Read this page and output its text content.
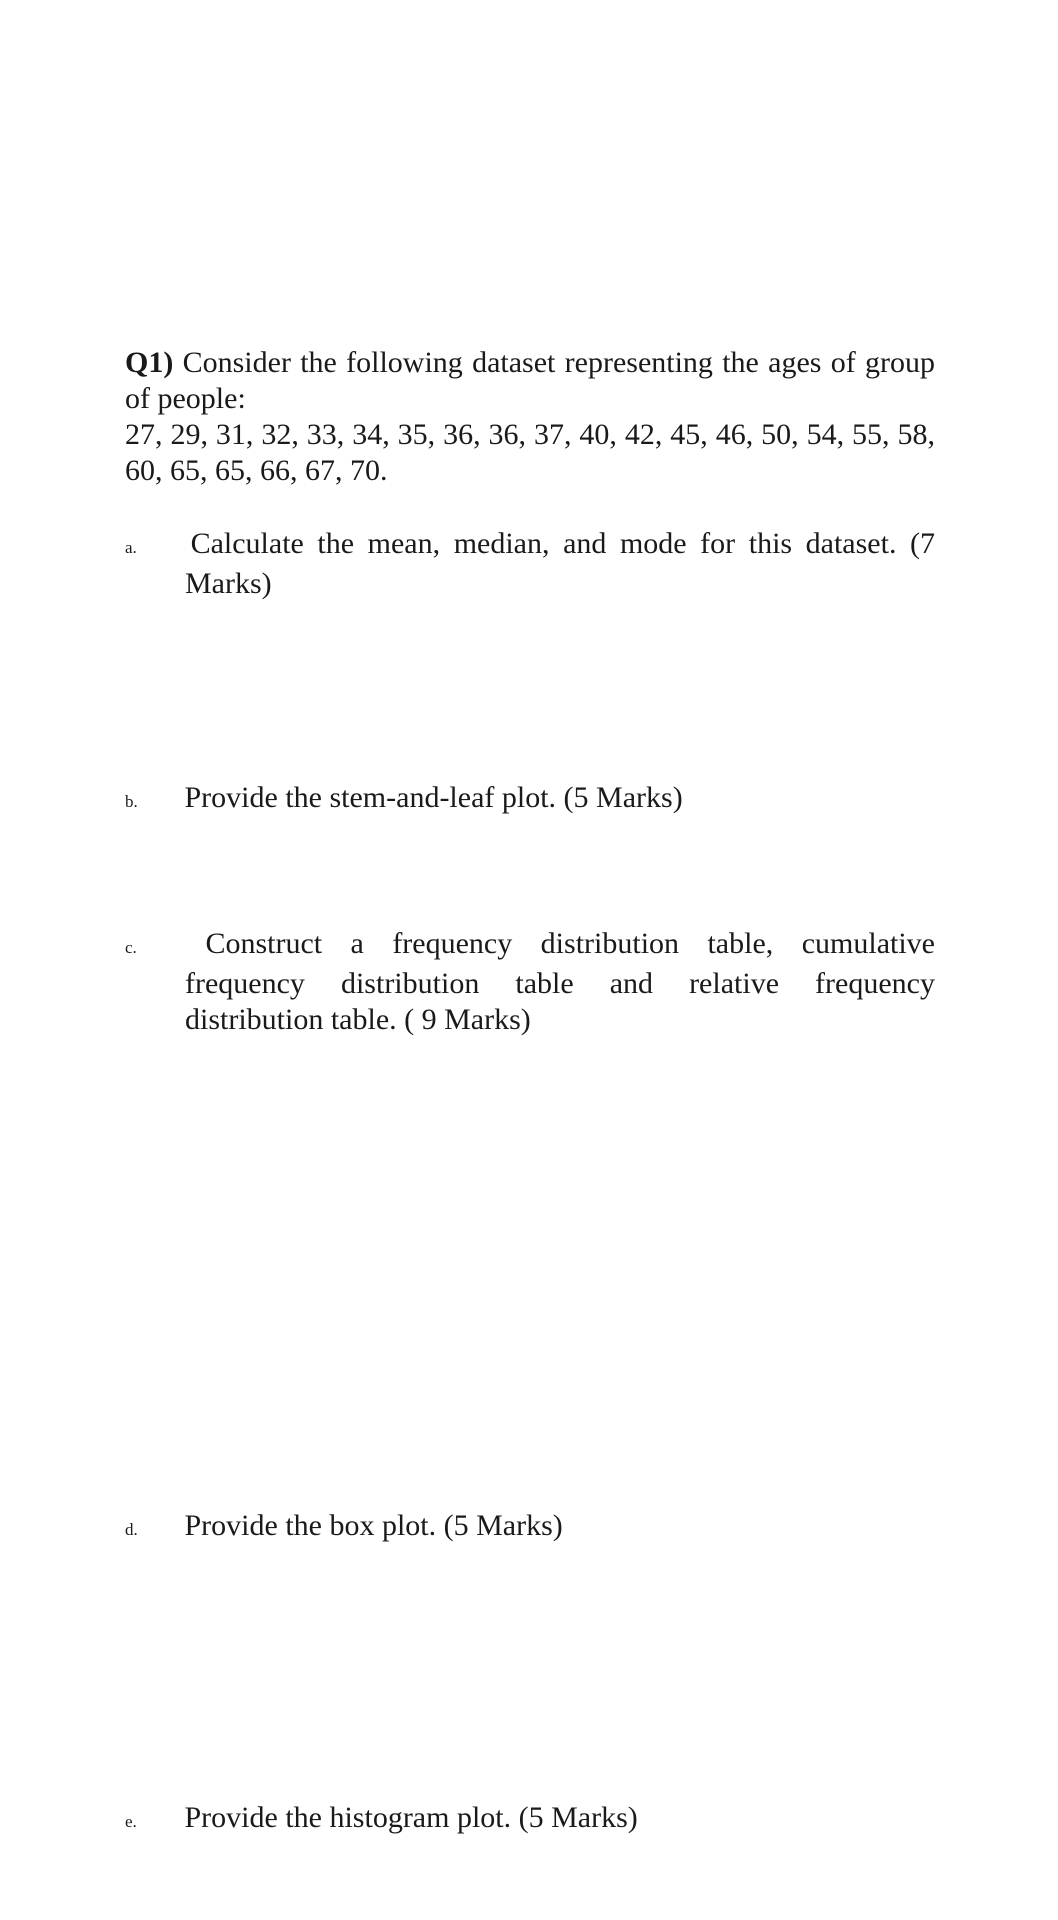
Q1) Consider the following dataset representing the ages of group of people:
27, 29, 31, 32, 33, 34, 35, 36, 36, 37, 40, 42, 45, 46, 50, 54, 55, 58, 60, 65, 65, 66, 67, 70.
a. Calculate the mean, median, and mode for this dataset. (7 Marks)
b. Provide the stem-and-leaf plot. (5 Marks)
c. Construct a frequency distribution table, cumulative frequency distribution table and relative frequency distribution table. ( 9 Marks)
d. Provide the box plot. (5 Marks)
e. Provide the histogram plot. (5 Marks)
